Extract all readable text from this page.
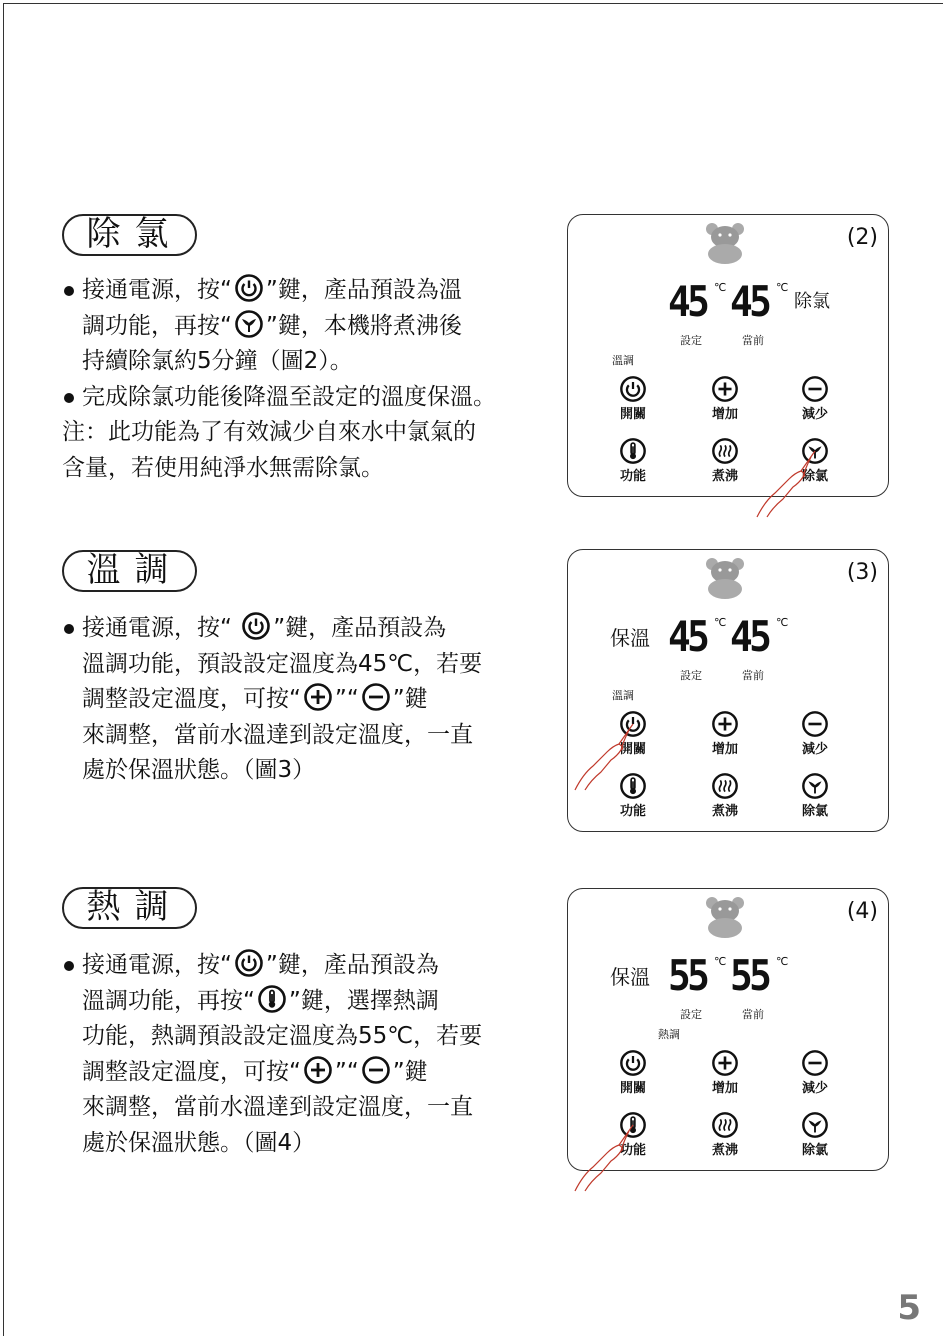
除氯
溫調
熱調
接通電源，按“ ”鍵，產品預設為溫
調功能，再按“ ”鍵，本機將煮沸後
持續除氯約5分鐘（圖2）。
完成除氯功能後降溫至設定的溫度保溫。
注：此功能為了有效減少自來水中氯氣的
含量，若使用純淨水無需除氯。
接通電源，按“ ”鍵，產品預設為
溫調功能，預設設定溫度為45℃，若要
調整設定溫度，可按“ ”“ ”鍵
來調整，當前水溫達到設定溫度，一直
處於保溫狀態。（圖3）
接通電源，按“ ”鍵，產品預設為
溫調功能，再按“ ”鍵，選擇熱調
功能，熱調預設設定溫度為55℃，若要
調整設定溫度，可按“ ”“ ”鍵
來調整，當前水溫達到設定溫度，一直
處於保溫狀態。（圖4）
(2)
45 ℃ 45 ℃
除氯
設定	當前
溫調
開關	增加	減少
功能	煮沸	除氯
(3)
45 ℃ 45 ℃
保溫
設定	當前
溫調
開關	增加	減少
功能	煮沸	除氯
(4)
55 ℃ 55 ℃
保溫
設定	當前
熱調
開關	增加	減少
功能	煮沸	除氯
5
